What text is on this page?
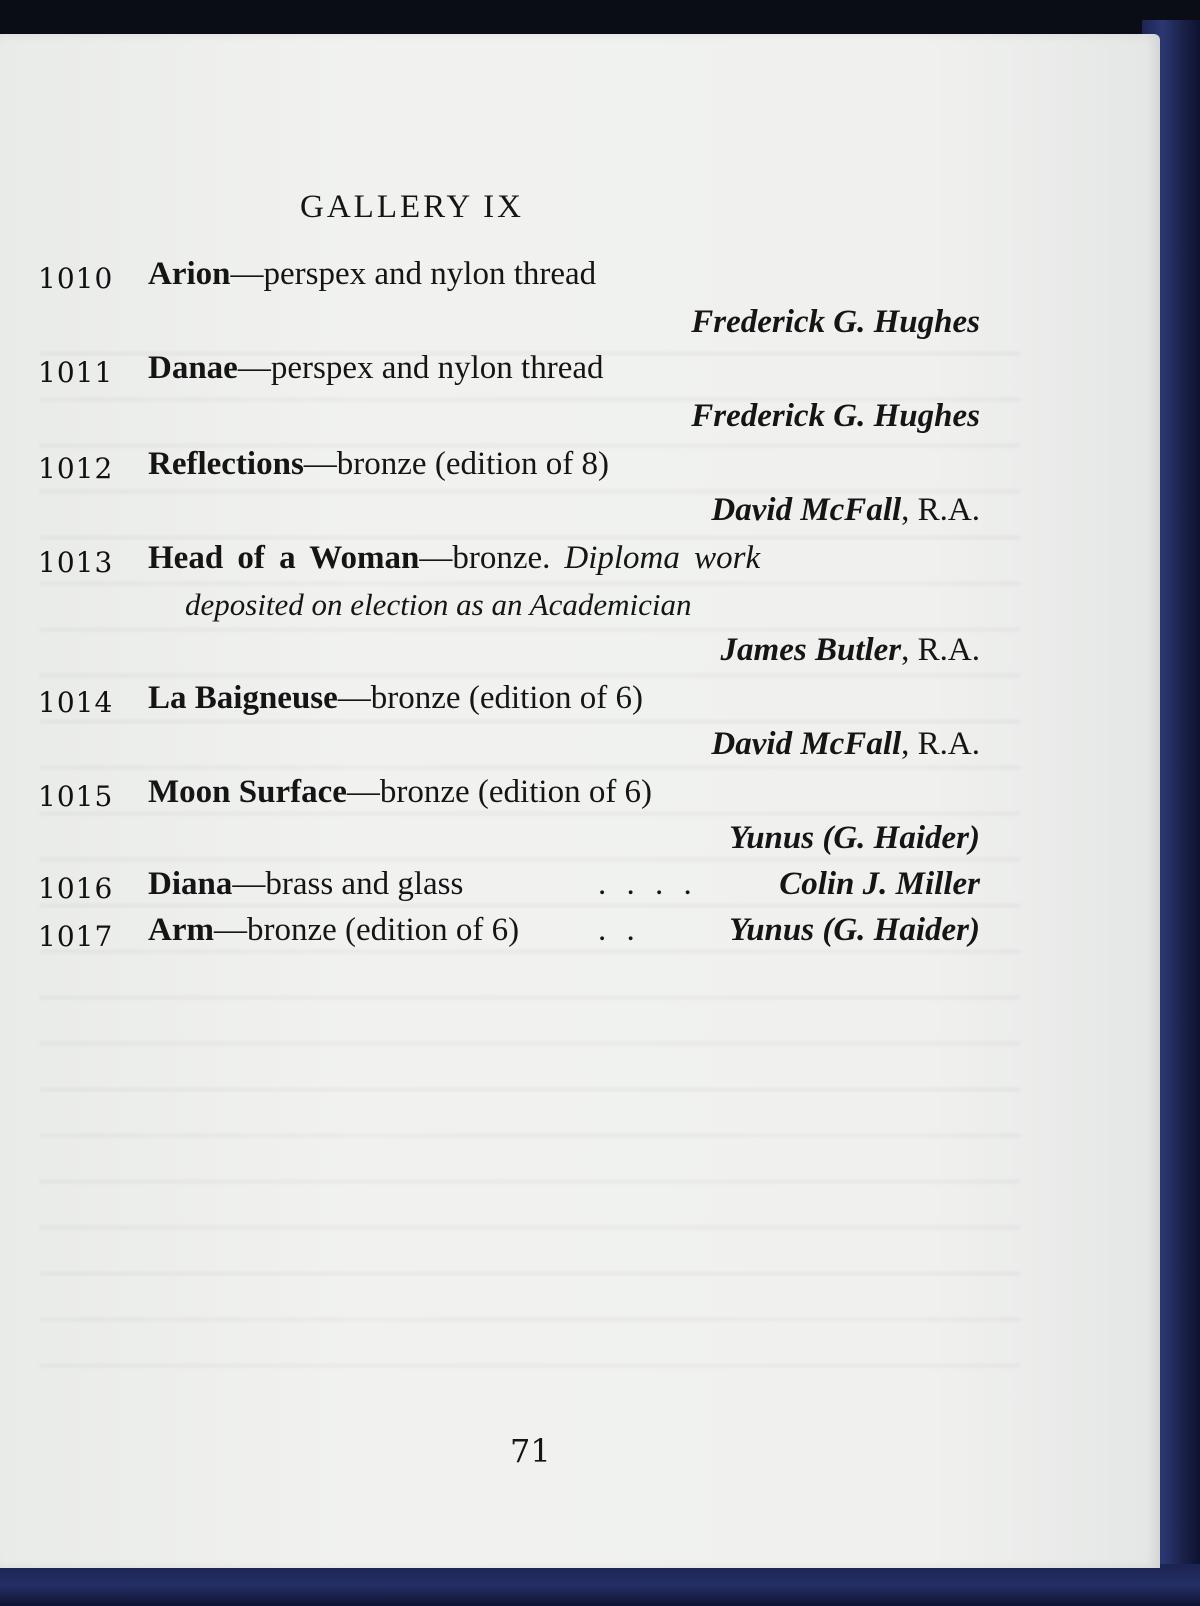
GALLERY IX
1010	Arion—perspex and nylon thread
Frederick G. Hughes
1011	Danae—perspex and nylon thread
Frederick G. Hughes
1012	Reflections—bronze (edition of 8)
David McFall, R.A.
1013	Head of a Woman—bronze. Diploma work
deposited on election as an Academician
James Butler, R.A.
1014	La Baigneuse—bronze (edition of 6)
David McFall, R.A.
1015	Moon Surface—bronze (edition of 6)
Yunus (G. Haider)
1016	Diana—brass and glass	. . . . Colin J. Miller
1017	Arm—bronze (edition of 6) . .	Yunus (G. Haider)
71
